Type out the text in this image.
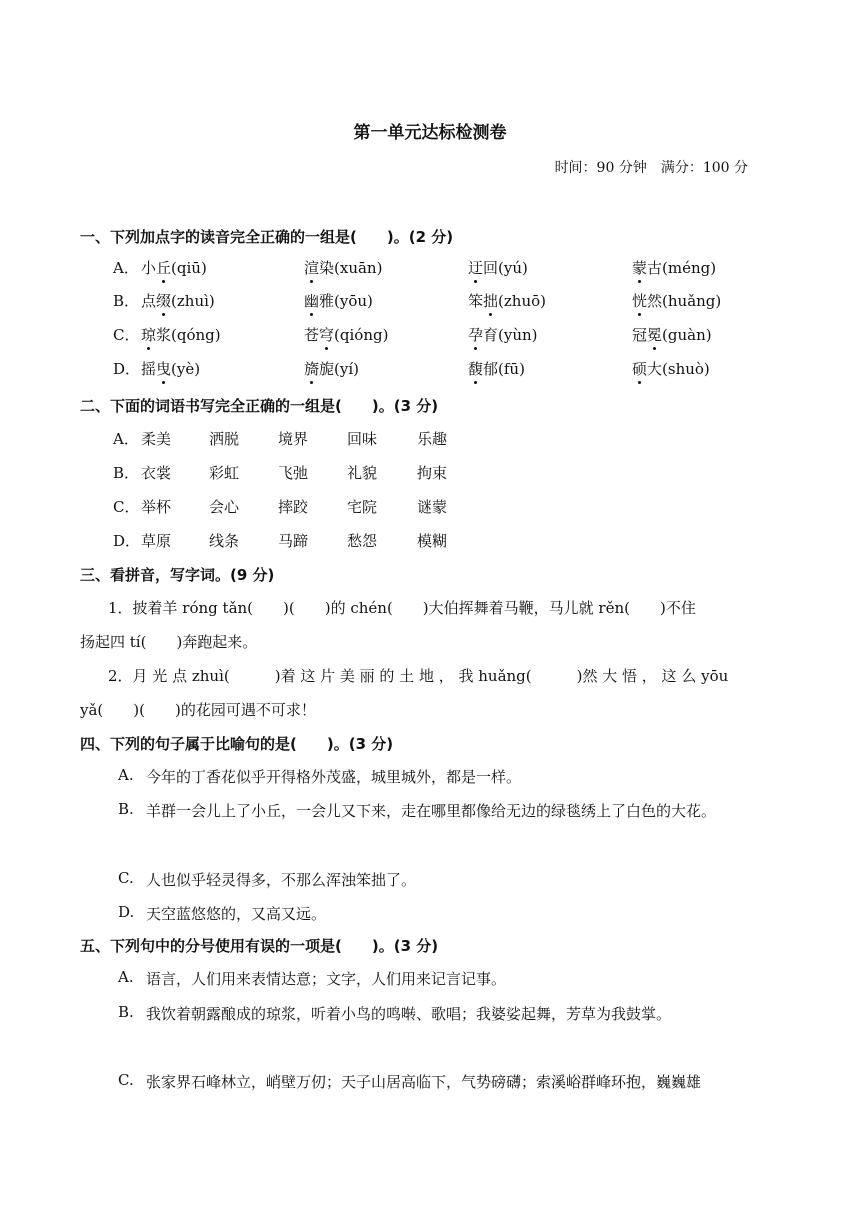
第一单元达标检测卷
时间：90 分钟　满分：100 分
一、下列加点字的读音完全正确的一组是(　　)。(2 分)
A． 小丘(qiū)	渲染(xuān)	迂回(yú)	蒙古(méng)
B． 点缀(zhuì)	幽雅(yōu)	笨拙(zhuō)	恍然(huǎng)
C． 琼浆(qóng)	苍穹(qióng)	孕育(yùn)	冠冕(guàn)
D． 摇曳(yè)	旖旎(yí)	馥郁(fū)	硕大(shuò)
二、下面的词语书写完全正确的一组是(　　)。(3 分)
A． 柔美	洒脱	境界	回味	乐趣
B． 衣裳	彩虹	飞弛	礼貌	拘束
C． 举杯	会心	摔跤	宅院	谜蒙
D． 草原	线条	马蹄	愁怨	模糊
三、看拼音，写字词。(9 分)
1．披着羊 róng tǎn(　　)(　　)的 chén(　　)大伯挥舞着马鞭，马儿就 rěn(　　)不住
扬起四 tí(　　)奔跑起来。
2．月 光 点 zhuì(　　　)着 这 片 美 丽 的 土 地 ， 我 huǎng(　　　)然 大 悟 ， 这 么 yōu
yǎ(　　)(　　)的花园可遇不可求！
四、下列的句子属于比喻句的是(　　)。(3 分)
A. 今年的丁香花似乎开得格外茂盛，城里城外，都是一样。
B. 羊群一会儿上了小丘，一会儿又下来，走在哪里都像给无边的绿毯绣上了白色的大花。
C. 人也似乎轻灵得多，不那么浑浊笨拙了。
D. 天空蓝悠悠的，又高又远。
五、下列句中的分号使用有误的一项是(　　)。(3 分)
A. 语言，人们用来表情达意；文字，人们用来记言记事。
B. 我饮着朝露酿成的琼浆，听着小鸟的鸣啭、歌唱；我婆娑起舞，芳草为我鼓掌。
C. 张家界石峰林立，峭壁万仞；天子山居高临下，气势磅礴；索溪峪群峰环抱，巍巍雄
